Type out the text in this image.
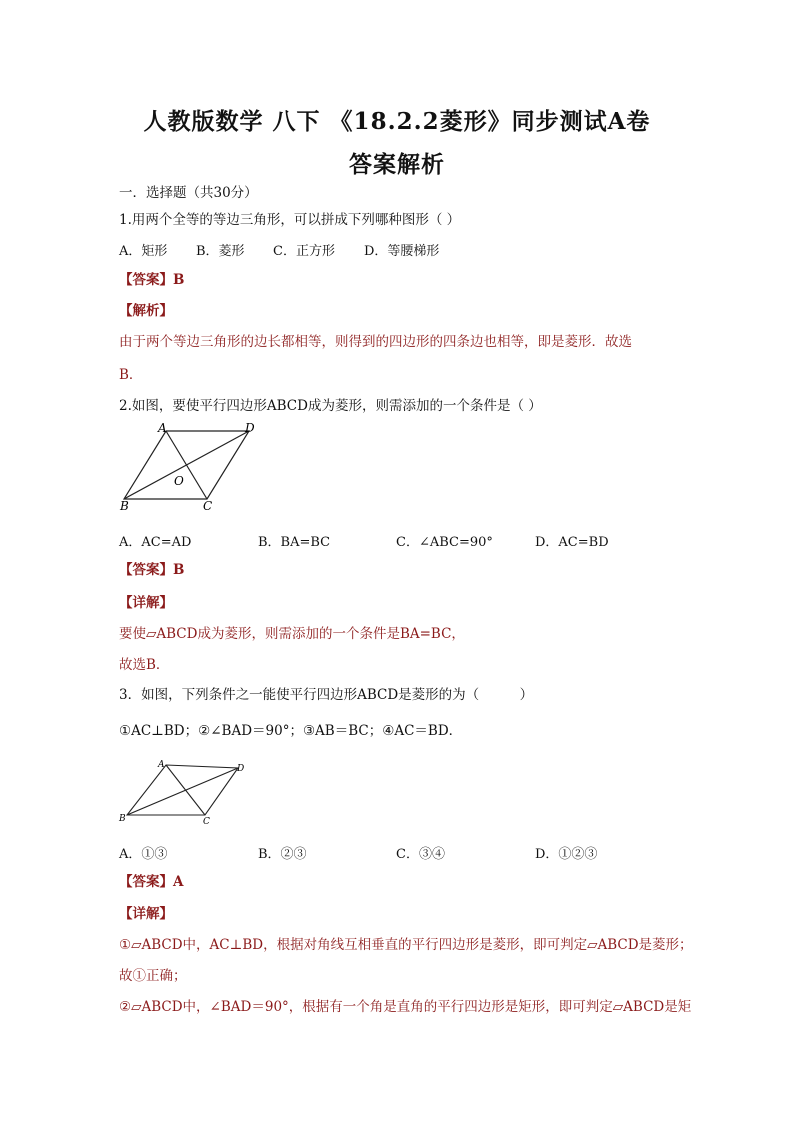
人教版数学 八下 《18.2.2菱形》同步测试A卷
答案解析
一．选择题（共30分）
1.用两个全等的等边三角形，可以拼成下列哪种图形（ ）
A．矩形 B．菱形 C．正方形 D．等腰梯形
【答案】B
【解析】
由于两个等边三角形的边长都相等，则得到的四边形的四条边也相等，即是菱形．故选
B．
2.如图，要使平行四边形ABCD成为菱形，则需添加的一个条件是（ ）
A	D
O
B	C
A．AC=AD	B．BA=BC	C．∠ABC=90°	D．AC=BD
【答案】B
【详解】
要使▱ABCD成为菱形，则需添加的一个条件是BA=BC，
故选B．
3．如图，下列条件之一能使平行四边形ABCD是菱形的为（　　　）
①AC⊥BD；②∠BAD＝90°；③AB＝BC；④AC＝BD．
A	D
B	C
A．①③	B．②③	C．③④	D．①②③
【答案】A
【详解】
①▱ABCD中，AC⊥BD，根据对角线互相垂直的平行四边形是菱形，即可判定▱ABCD是菱形；
故①正确；
②▱ABCD中，∠BAD＝90°，根据有一个角是直角的平行四边形是矩形，即可判定▱ABCD是矩
